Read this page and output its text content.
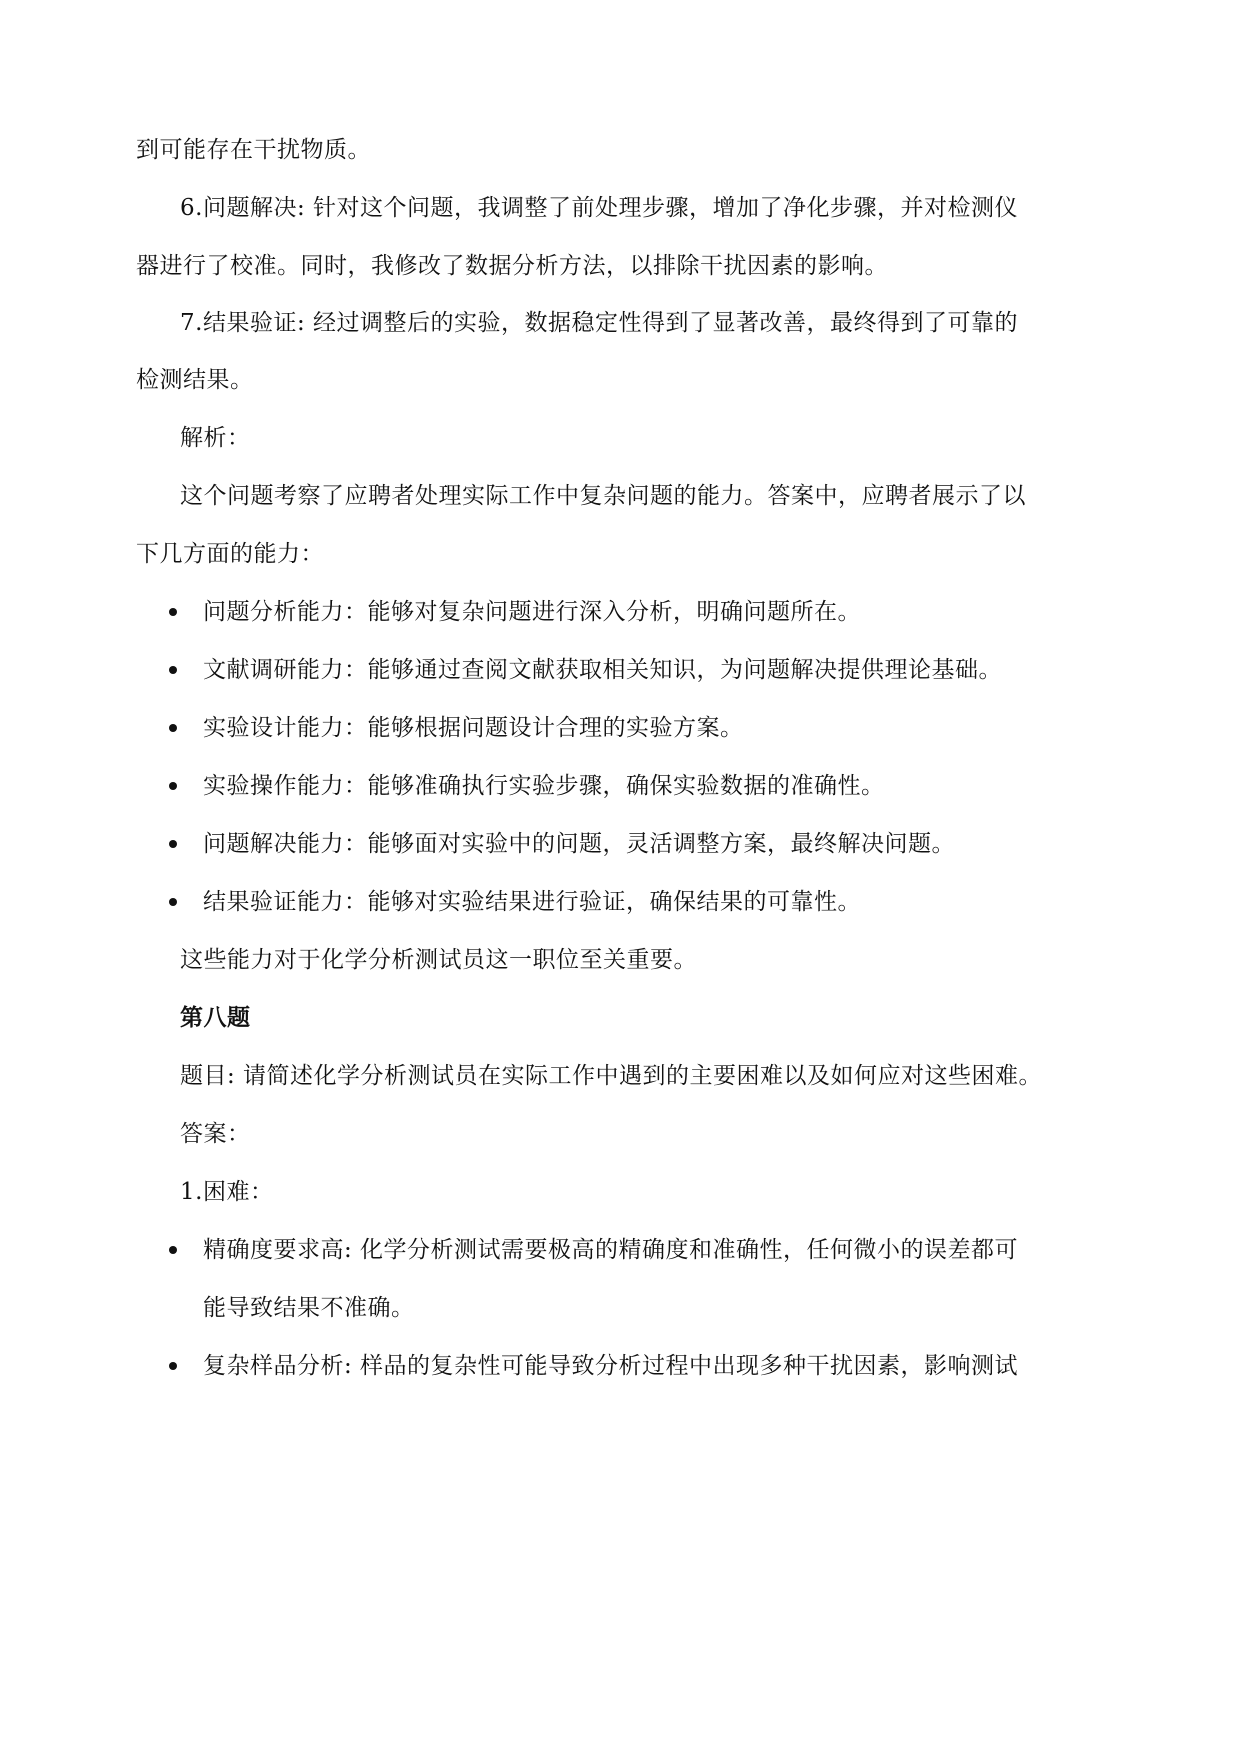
到可能存在干扰物质。
6.问题解决: 针对这个问题，我调整了前处理步骤，增加了净化步骤，并对检测仪
器进行了校准。同时，我修改了数据分析方法，以排除干扰因素的影响。
7.结果验证: 经过调整后的实验，数据稳定性得到了显著改善，最终得到了可靠的
检测结果。
解析：
这个问题考察了应聘者处理实际工作中复杂问题的能力。答案中，应聘者展示了以
下几方面的能力：
问题分析能力：能够对复杂问题进行深入分析，明确问题所在。
文献调研能力：能够通过查阅文献获取相关知识，为问题解决提供理论基础。
实验设计能力：能够根据问题设计合理的实验方案。
实验操作能力：能够准确执行实验步骤，确保实验数据的准确性。
问题解决能力：能够面对实验中的问题，灵活调整方案，最终解决问题。
结果验证能力：能够对实验结果进行验证，确保结果的可靠性。
这些能力对于化学分析测试员这一职位至关重要。
第八题
题目: 请简述化学分析测试员在实际工作中遇到的主要困难以及如何应对这些困难。
答案：
1.困难：
精确度要求高: 化学分析测试需要极高的精确度和准确性，任何微小的误差都可
能导致结果不准确。
复杂样品分析: 样品的复杂性可能导致分析过程中出现多种干扰因素，影响测试
